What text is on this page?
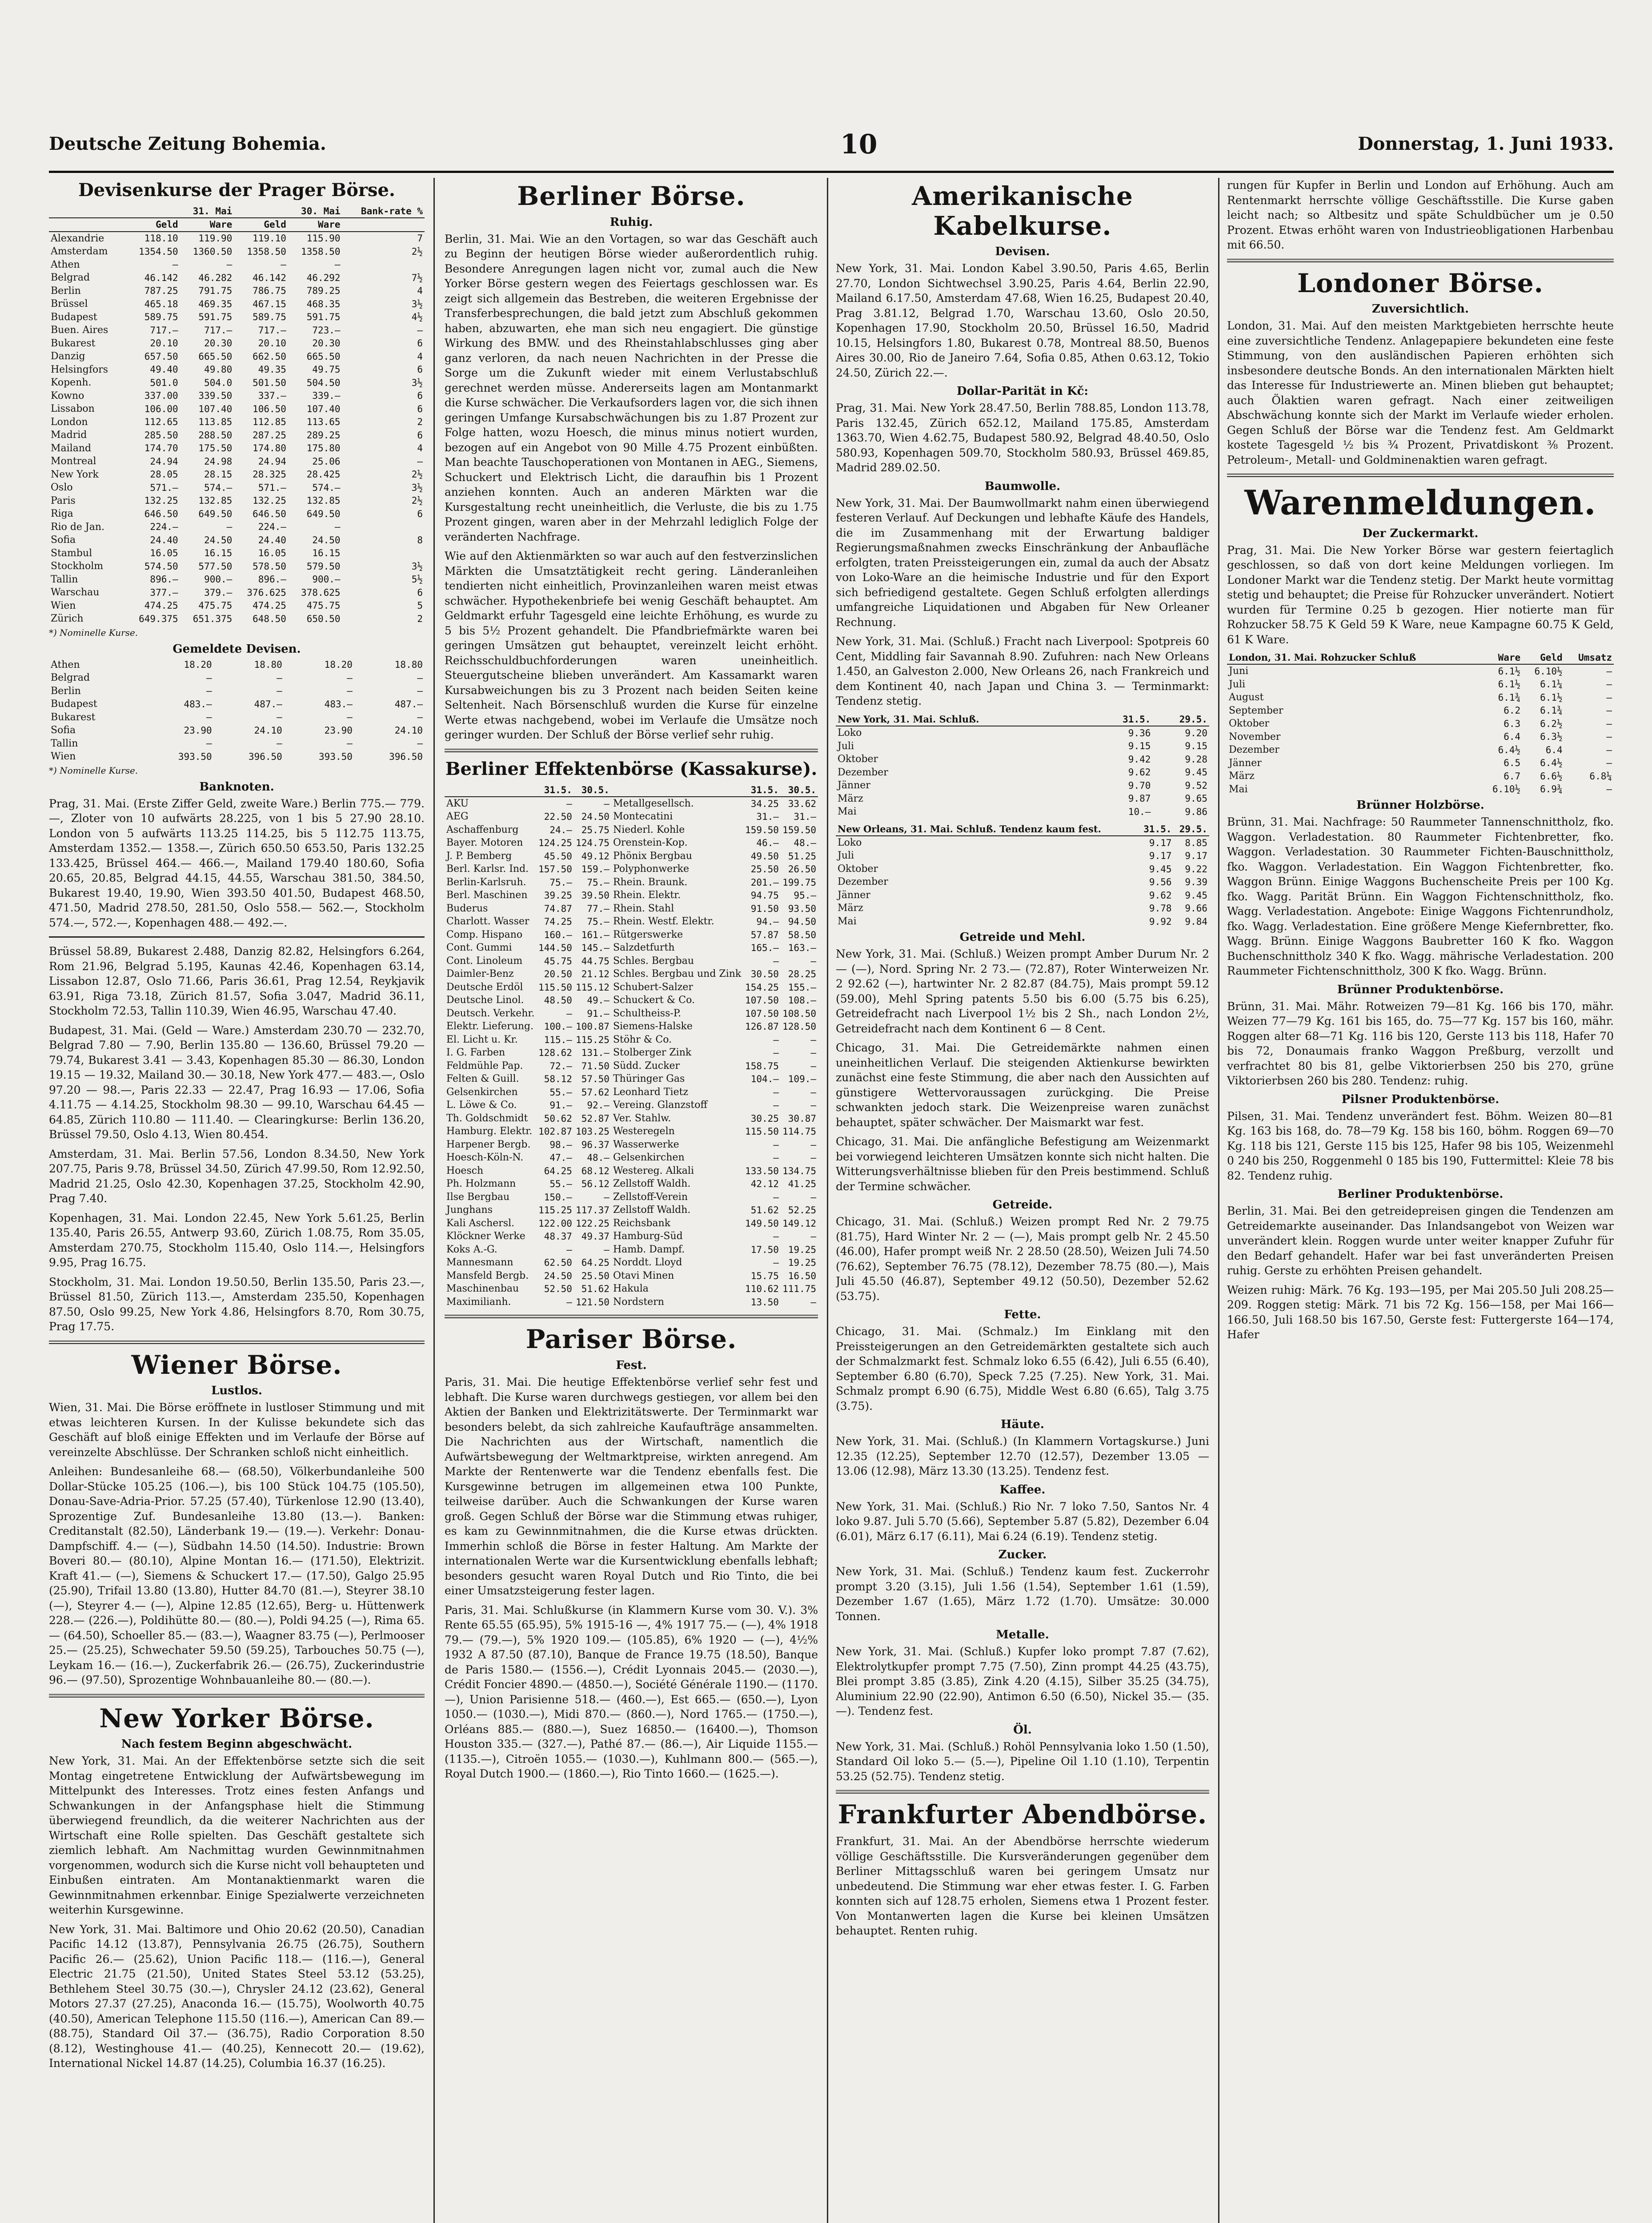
Deutsche Zeitung Bohemia.	10	Donnerstag, 1. Juni 1933.
Devisenkurse der Prager Börse.
	31. Mai		30. Mai		Bank-rate %
	Geld	Ware	Geld	Ware	
Alexandrie	118.10	119.90	119.10	115.90	7
Amsterdam	1354.50	1360.50	1358.50	1358.50	2½
Athen	—	—	—	—	
Belgrad	46.142	46.282	46.142	46.292	7½
Berlin	787.25	791.75	786.75	789.25	4
Brüssel	465.18	469.35	467.15	468.35	3½
Budapest	589.75	591.75	589.75	591.75	4½
Buen. Aires	717.—	717.—	717.—	723.—	—
Bukarest	20.10	20.30	20.10	20.30	6
Danzig	657.50	665.50	662.50	665.50	4
Helsingfors	49.40	49.80	49.35	49.75	6
Kopenh.	501.0	504.0	501.50	504.50	3½
Kowno	337.00	339.50	337.—	339.—	6
Lissabon	106.00	107.40	106.50	107.40	6
London	112.65	113.85	112.85	113.65	2
Madrid	285.50	288.50	287.25	289.25	6
Mailand	174.70	175.50	174.80	175.80	4
Montreal	24.94	24.98	24.94	25.06	—
New York	28.05	28.15	28.325	28.425	2½
Oslo	571.—	574.—	571.—	574.—	3½
Paris	132.25	132.85	132.25	132.85	2½
Riga	646.50	649.50	646.50	649.50	6
Rio de Jan.	224.—	—	224.—	—	
Sofia	24.40	24.50	24.40	24.50	8
Stambul	16.05	16.15	16.05	16.15	
Stockholm	574.50	577.50	578.50	579.50	3½
Tallin	896.—	900.—	896.—	900.—	5½
Warschau	377.—	379.—	376.625	378.625	6
Wien	474.25	475.75	474.25	475.75	5
Zürich	649.375	651.375	648.50	650.50	2
*) Nominelle Kurse.
Gemeldete Devisen.
Athen	18.20	18.80	18.20	18.80
Belgrad	—	—	—	—
Berlin	—	—	—	—
Budapest	483.—	487.—	483.—	487.—
Bukarest	—	—	—	—
Sofia	23.90	24.10	23.90	24.10
Tallin	—	—	—	—
Wien	393.50	396.50	393.50	396.50
*) Nominelle Kurse.
Banknoten.

Prag, 31. Mai. (Erste Ziffer Geld, zweite Ware.) Berlin 775.— 779.—, Zloter von 10 aufwärts 28.225, von 1 bis 5 27.90 28.10. London von 5 aufwärts 113.25 114.25, bis 5 112.75 113.75, Amsterdam 1352.— 1358.—, Zürich 650.50 653.50, Paris 132.25 133.425, Brüssel 464.— 466.—, Mailand 179.40 180.60, Sofia 20.65, 20.85, Belgrad 44.15, 44.55, Warschau 381.50, 384.50, Bukarest 19.40, 19.90, Wien 393.50 401.50, Budapest 468.50, 471.50, Madrid 278.50, 281.50, Oslo 558.— 562.—, Stockholm 574.—, 572.—, Kopenhagen 488.— 492.—.

Brüssel 58.89, Bukarest 2.488, Danzig 82.82, Helsingfors 6.264, Rom 21.96, Belgrad 5.195, Kaunas 42.46, Kopenhagen 63.14, Lissabon 12.87, Oslo 71.66, Paris 36.61, Prag 12.54, Reykjavik 63.91, Riga 73.18, Zürich 81.57, Sofia 3.047, Madrid 36.11, Stockholm 72.53, Tallin 110.39, Wien 46.95, Warschau 47.40.

Budapest, 31. Mai. (Geld — Ware.) Amsterdam 230.70 — 232.70, Belgrad 7.80 — 7.90, Berlin 135.80 — 136.60, Brüssel 79.20 — 79.74, Bukarest 3.41 — 3.43, Kopenhagen 85.30 — 86.30, London 19.15 — 19.32, Mailand 30.— 30.18, New York 477.— 483.—, Oslo 97.20 — 98.—, Paris 22.33 — 22.47, Prag 16.93 — 17.06, Sofia 4.11.75 — 4.14.25, Stockholm 98.30 — 99.10, Warschau 64.45 — 64.85, Zürich 110.80 — 111.40. — Clearingkurse: Berlin 136.20, Brüssel 79.50, Oslo 4.13, Wien 80.454.

Amsterdam, 31. Mai. Berlin 57.56, London 8.34.50, New York 207.75, Paris 9.78, Brüssel 34.50, Zürich 47.99.50, Rom 12.92.50, Madrid 21.25, Oslo 42.30, Kopenhagen 37.25, Stockholm 42.90, Prag 7.40.

Kopenhagen, 31. Mai. London 22.45, New York 5.61.25, Berlin 135.40, Paris 26.55, Antwerp 93.60, Zürich 1.08.75, Rom 35.05, Amsterdam 270.75, Stockholm 115.40, Oslo 114.—, Helsingfors 9.95, Prag 16.75.

Stockholm, 31. Mai. London 19.50.50, Berlin 135.50, Paris 23.—, Brüssel 81.50, Zürich 113.—, Amsterdam 235.50, Kopenhagen 87.50, Oslo 99.25, New York 4.86, Helsingfors 8.70, Rom 30.75, Prag 17.75.

Wiener Börse.
Lustlos.

Wien, 31. Mai. Die Börse eröffnete in lustloser Stimmung und mit etwas leichteren Kursen. In der Kulisse bekundete sich das Geschäft auf bloß einige Effekten und im Verlaufe der Börse auf vereinzelte Abschlüsse. Der Schranken schloß nicht einheitlich.

Anleihen: Bundesanleihe 68.— (68.50), Völkerbundanleihe 500 Dollar-Stücke 105.25 (106.—), bis 100 Stück 104.75 (105.50), Donau-Save-Adria-Prior. 57.25 (57.40), Türkenlose 12.90 (13.40), Sprozentige Zuf. Bundesanleihe 13.80 (13.—). Banken: Creditanstalt (82.50), Länderbank 19.— (19.—). Verkehr: Donau-Dampfschiff. 4.— (—), Südbahn 14.50 (14.50). Industrie: Brown Boveri 80.— (80.10), Alpine Montan 16.— (171.50), Elektrizit. Kraft 41.— (—), Siemens & Schuckert 17.— (17.50), Galgo 25.95 (25.90), Trifail 13.80 (13.80), Hutter 84.70 (81.—), Steyrer 38.10 (—), Steyrer 4.— (—), Alpine 12.85 (12.65), Berg- u. Hüttenwerk 228.— (226.—), Poldihütte 80.— (80.—), Poldi 94.25 (—), Rima 65.— (64.50), Schoeller 85.— (83.—), Waagner 83.75 (—), Perlmooser 25.— (25.25), Schwechater 59.50 (59.25), Tarbouches 50.75 (—), Leykam 16.— (16.—), Zuckerfabrik 26.— (26.75), Zuckerindustrie 96.— (97.50), Sprozentige Wohnbauanleihe 80.— (80.—).

New Yorker Börse.
Nach festem Beginn abgeschwächt.

New York, 31. Mai. An der Effektenbörse setzte sich die seit Montag eingetretene Entwicklung der Aufwärtsbewegung im Mittelpunkt des Interesses. Trotz eines festen Anfangs und Schwankungen in der Anfangsphase hielt die Stimmung überwiegend freundlich, da die weiterer Nachrichten aus der Wirtschaft eine Rolle spielten. Das Geschäft gestaltete sich ziemlich lebhaft. Am Nachmittag wurden Gewinnmitnahmen vorgenommen, wodurch sich die Kurse nicht voll behaupteten und Einbußen eintraten. Am Montanaktienmarkt waren die Gewinnmitnahmen erkennbar. Einige Spezialwerte verzeichneten weiterhin Kursgewinne.

New York, 31. Mai. Baltimore und Ohio 20.62 (20.50), Canadian Pacific 14.12 (13.87), Pennsylvania 26.75 (26.75), Southern Pacific 26.— (25.62), Union Pacific 118.— (116.—), General Electric 21.75 (21.50), United States Steel 53.12 (53.25), Bethlehem Steel 30.75 (30.—), Chrysler 24.12 (23.62), General Motors 27.37 (27.25), Anaconda 16.— (15.75), Woolworth 40.75 (40.50), American Telephone 115.50 (116.—), American Can 89.— (88.75), Standard Oil 37.— (36.75), Radio Corporation 8.50 (8.12), Westinghouse 41.— (40.25), Kennecott 20.— (19.62), International Nickel 14.87 (14.25), Columbia 16.37 (16.25).

Berliner Börse.
Ruhig.

Berlin, 31. Mai. Wie an den Vortagen, so war das Geschäft auch zu Beginn der heutigen Börse wieder außerordentlich ruhig. Besondere Anregungen lagen nicht vor, zumal auch die New Yorker Börse gestern wegen des Feiertags geschlossen war. Es zeigt sich allgemein das Bestreben, die weiteren Ergebnisse der Transferbesprechungen, die bald jetzt zum Abschluß gekommen haben, abzuwarten, ehe man sich neu engagiert. Die günstige Wirkung des BMW. und des Rheinstahlabschlusses ging aber ganz verloren, da nach neuen Nachrichten in der Presse die Sorge um die Zukunft wieder mit einem Verlustabschluß gerechnet werden müsse. Andererseits lagen am Montanmarkt die Kurse schwächer. Die Verkaufsorders lagen vor, die sich ihnen geringen Umfange Kursabschwächungen bis zu 1.87 Prozent zur Folge hatten, wozu Hoesch, die minus minus notiert wurden, bezogen auf ein Angebot von 90 Mille 4.75 Prozent einbüßten. Man beachte Tauschoperationen von Montanen in AEG., Siemens, Schuckert und Elektrisch Licht, die daraufhin bis 1 Prozent anziehen konnten. Auch an anderen Märkten war die Kursgestaltung recht uneinheitlich, die Verluste, die bis zu 1.75 Prozent gingen, waren aber in der Mehrzahl lediglich Folge der veränderten Nachfrage.

Wie auf den Aktienmärkten so war auch auf den festverzinslichen Märkten die Umsatztätigkeit recht gering. Länderanleihen tendierten nicht einheitlich, Provinzanleihen waren meist etwas schwächer. Hypothekenbriefe bei wenig Geschäft behauptet. Am Geldmarkt erfuhr Tagesgeld eine leichte Erhöhung, es wurde zu 5 bis 5½ Prozent gehandelt. Die Pfandbriefmärkte waren bei geringen Umsätzen gut behauptet, vereinzelt leicht erhöht. Reichsschuldbuchforderungen waren uneinheitlich. Steuergutscheine blieben unverändert. Am Kassamarkt waren Kursabweichungen bis zu 3 Prozent nach beiden Seiten keine Seltenheit. Nach Börsenschluß wurden die Kurse für einzelne Werte etwas nachgebend, wobei im Verlaufe die Umsätze noch geringer wurden. Der Schluß der Börse verlief sehr ruhig.

Berliner Effektenbörse (Kassakurse).
	31.5.	30.5.		31.5.	30.5.
AKU	—	—	Metallgesellsch.	34.25	33.62
AEG	22.50	24.50	Montecatini	31.—	31.—
Aschaffenburg	24.—	25.75	Niederl. Kohle	159.50	159.50
Bayer. Motoren	124.25	124.75	Orenstein-Kop.	46.—	48.—
J. P. Bemberg	45.50	49.12	Phönix Bergbau	49.50	51.25
Berl. Karlsr. Ind.	157.50	159.—	Polyphonwerke	25.50	26.50
Berlin-Karlsruh.	75.—	75.—	Rhein. Braunk.	201.—	199.75
Berl. Maschinen	39.25	39.50	Rhein. Elektr.	94.75	95.—
Buderus	74.87	77.—	Rhein. Stahl	91.50	93.50
Charlott. Wasser	74.25	75.—	Rhein. Westf. Elektr.	94.—	94.50
Comp. Hispano	160.—	161.—	Rütgerswerke	57.87	58.50
Cont. Gummi	144.50	145.—	Salzdetfurth	165.—	163.—
Cont. Linoleum	45.75	44.75	Schles. Bergbau	—	—
Daimler-Benz	20.50	21.12	Schles. Bergbau und Zink	30.50	28.25
Deutsche Erdöl	115.50	115.12	Schubert-Salzer	154.25	155.—
Deutsche Linol.	48.50	49.—	Schuckert & Co.	107.50	108.—
Deutsch. Verkehr.	—	91.—	Schultheiss-P.	107.50	108.50
Elektr. Lieferung.	100.—	100.87	Siemens-Halske	126.87	128.50
El. Licht u. Kr.	115.—	115.25	Stöhr & Co.	—	—
I. G. Farben	128.62	131.—	Stolberger Zink	—	—
Feldmühle Pap.	72.—	71.50	Südd. Zucker	158.75	—
Felten & Guill.	58.12	57.50	Thüringer Gas	104.—	109.—
Gelsenkirchen	55.—	57.62	Leonhard Tietz	—	—
L. Löwe & Co.	91.—	92.—	Vereing. Glanzstoff	—	—
Th. Goldschmidt	50.62	52.87	Ver. Stahlw.	30.25	30.87
Hamburg. Elektr.	102.87	103.25	Westeregeln	115.50	114.75
Harpener Bergb.	98.—	96.37	Wasserwerke	—	—
Hoesch-Köln-N.	47.—	48.—	Gelsenkirchen	—	—
Hoesch	64.25	68.12	Westereg. Alkali	133.50	134.75
Ph. Holzmann	55.—	56.12	Zellstoff Waldh.	42.12	41.25
Ilse Bergbau	150.—	—	Zellstoff-Verein	—	—
Junghans	115.25	117.37	Zellstoff Waldh.	51.62	52.25
Kali Aschersl.	122.00	122.25	Reichsbank	149.50	149.12
Klöckner Werke	48.37	49.37	Hamburg-Süd	—	—
Koks A.-G.	—	—	Hamb. Dampf.	17.50	19.25
Mannesmann	62.50	64.25	Norddt. Lloyd	—	19.25
Mansfeld Bergb.	24.50	25.50	Otavi Minen	15.75	16.50
Maschinenbau	52.50	51.62	Hakula	110.62	111.75
Maximilianh.	—	121.50	Nordstern	13.50	—
Pariser Börse.
Fest.

Paris, 31. Mai. Die heutige Effektenbörse verlief sehr fest und lebhaft. Die Kurse waren durchwegs gestiegen, vor allem bei den Aktien der Banken und Elektrizitätswerte. Der Terminmarkt war besonders belebt, da sich zahlreiche Kaufaufträge ansammelten. Die Nachrichten aus der Wirtschaft, namentlich die Aufwärtsbewegung der Weltmarktpreise, wirkten anregend. Am Markte der Rentenwerte war die Tendenz ebenfalls fest. Die Kursgewinne betrugen im allgemeinen etwa 100 Punkte, teilweise darüber. Auch die Schwankungen der Kurse waren groß. Gegen Schluß der Börse war die Stimmung etwas ruhiger, es kam zu Gewinnmitnahmen, die die Kurse etwas drückten. Immerhin schloß die Börse in fester Haltung. Am Markte der internationalen Werte war die Kursentwicklung ebenfalls lebhaft; besonders gesucht waren Royal Dutch und Rio Tinto, die bei einer Umsatzsteigerung fester lagen.

Paris, 31. Mai. Schlußkurse (in Klammern Kurse vom 30. V.). 3% Rente 65.55 (65.95), 5% 1915-16 —, 4% 1917 75.— (—), 4% 1918 79.— (79.—), 5% 1920 109.— (105.85), 6% 1920 — (—), 4½% 1932 A 87.50 (87.10), Banque de France 19.75 (18.50), Banque de Paris 1580.— (1556.—), Crédit Lyonnais 2045.— (2030.—), Crédit Foncier 4890.— (4850.—), Société Générale 1190.— (1170.—), Union Parisienne 518.— (460.—), Est 665.— (650.—), Lyon 1050.— (1030.—), Midi 870.— (860.—), Nord 1765.— (1750.—), Orléans 885.— (880.—), Suez 16850.— (16400.—), Thomson Houston 335.— (327.—), Pathé 87.— (86.—), Air Liquide 1155.— (1135.—), Citroën 1055.— (1030.—), Kuhlmann 800.— (565.—), Royal Dutch 1900.— (1860.—), Rio Tinto 1660.— (1625.—).

Amerikanische Kabelkurse.
Devisen.

New York, 31. Mai. London Kabel 3.90.50, Paris 4.65, Berlin 27.70, London Sichtwechsel 3.90.25, Paris 4.64, Berlin 22.90, Mailand 6.17.50, Amsterdam 47.68, Wien 16.25, Budapest 20.40, Prag 3.81.12, Belgrad 1.70, Warschau 13.60, Oslo 20.50, Kopenhagen 17.90, Stockholm 20.50, Brüssel 16.50, Madrid 10.15, Helsingfors 1.80, Bukarest 0.78, Montreal 88.50, Buenos Aires 30.00, Rio de Janeiro 7.64, Sofia 0.85, Athen 0.63.12, Tokio 24.50, Zürich 22.—.

Dollar-Parität in Kč:

Prag, 31. Mai. New York 28.47.50, Berlin 788.85, London 113.78, Paris 132.45, Zürich 652.12, Mailand 175.85, Amsterdam 1363.70, Wien 4.62.75, Budapest 580.92, Belgrad 48.40.50, Oslo 580.93, Kopenhagen 509.70, Stockholm 580.93, Brüssel 469.85, Madrid 289.02.50.

Baumwolle.

New York, 31. Mai. Der Baumwollmarkt nahm einen überwiegend festeren Verlauf. Auf Deckungen und lebhafte Käufe des Handels, die im Zusammenhang mit der Erwartung baldiger Regierungsmaßnahmen zwecks Einschränkung der Anbaufläche erfolgten, traten Preissteigerungen ein, zumal da auch der Absatz von Loko-Ware an die heimische Industrie und für den Export sich befriedigend gestaltete. Gegen Schluß erfolgten allerdings umfangreiche Liquidationen und Abgaben für New Orleaner Rechnung.

New York, 31. Mai. (Schluß.) Fracht nach Liverpool: Spotpreis 60 Cent, Middling fair Savannah 8.90. Zufuhren: nach New Orleans 1.450, an Galveston 2.000, New Orleans 26, nach Frankreich und dem Kontinent 40, nach Japan und China 3. — Terminmarkt: Tendenz stetig.

New York, 31. Mai. Schluß.	31.5.	29.5.
Loko	9.36	9.20
Juli	9.15	9.15
Oktober	9.42	9.28
Dezember	9.62	9.45
Jänner	9.70	9.52
März	9.87	9.65
Mai	10.—	9.86
New Orleans, 31. Mai. Schluß. Tendenz kaum fest.	31.5.	29.5.
Loko	9.17	8.85
Juli	9.17	9.17
Oktober	9.45	9.22
Dezember	9.56	9.39
Jänner	9.62	9.45
März	9.78	9.66
Mai	9.92	9.84
Getreide und Mehl.

New York, 31. Mai. (Schluß.) Weizen prompt Amber Durum Nr. 2 — (—), Nord. Spring Nr. 2 73.— (72.87), Roter Winterweizen Nr. 2 92.62 (—), hartwinter Nr. 2 82.87 (84.75), Mais prompt 59.12 (59.00), Mehl Spring patents 5.50 bis 6.00 (5.75 bis 6.25), Getreidefracht nach Liverpool 1½ bis 2 Sh., nach London 2½, Getreidefracht nach dem Kontinent 6 — 8 Cent.

Chicago, 31. Mai. Die Getreidemärkte nahmen einen uneinheitlichen Verlauf. Die steigenden Aktienkurse bewirkten zunächst eine feste Stimmung, die aber nach den Aussichten auf günstigere Wettervoraussagen zurückging. Die Preise schwankten jedoch stark. Die Weizenpreise waren zunächst behauptet, später schwächer. Der Maismarkt war fest.

Chicago, 31. Mai. Die anfängliche Befestigung am Weizenmarkt bei vorwiegend leichteren Umsätzen konnte sich nicht halten. Die Witterungsverhältnisse blieben für den Preis bestimmend. Schluß der Termine schwächer.

Getreide.

Chicago, 31. Mai. (Schluß.) Weizen prompt Red Nr. 2 79.75 (81.75), Hard Winter Nr. 2 — (—), Mais prompt gelb Nr. 2 45.50 (46.00), Hafer prompt weiß Nr. 2 28.50 (28.50), Weizen Juli 74.50 (76.62), September 76.75 (78.12), Dezember 78.75 (80.—), Mais Juli 45.50 (46.87), September 49.12 (50.50), Dezember 52.62 (53.75).

Fette.

Chicago, 31. Mai. (Schmalz.) Im Einklang mit den Preissteigerungen an den Getreidemärkten gestaltete sich auch der Schmalzmarkt fest. Schmalz loko 6.55 (6.42), Juli 6.55 (6.40), September 6.80 (6.70), Speck 7.25 (7.25). New York, 31. Mai. Schmalz prompt 6.90 (6.75), Middle West 6.80 (6.65), Talg 3.75 (3.75).

Häute.

New York, 31. Mai. (Schluß.) (In Klammern Vortagskurse.) Juni 12.35 (12.25), September 12.70 (12.57), Dezember 13.05 — 13.06 (12.98), März 13.30 (13.25). Tendenz fest.

Kaffee.

New York, 31. Mai. (Schluß.) Rio Nr. 7 loko 7.50, Santos Nr. 4 loko 9.87. Juli 5.70 (5.66), September 5.87 (5.82), Dezember 6.04 (6.01), März 6.17 (6.11), Mai 6.24 (6.19). Tendenz stetig.

Zucker.

New York, 31. Mai. (Schluß.) Tendenz kaum fest. Zuckerrohr prompt 3.20 (3.15), Juli 1.56 (1.54), September 1.61 (1.59), Dezember 1.67 (1.65), März 1.72 (1.70). Umsätze: 30.000 Tonnen.

Metalle.

New York, 31. Mai. (Schluß.) Kupfer loko prompt 7.87 (7.62), Elektrolytkupfer prompt 7.75 (7.50), Zinn prompt 44.25 (43.75), Blei prompt 3.85 (3.85), Zink 4.20 (4.15), Silber 35.25 (34.75), Aluminium 22.90 (22.90), Antimon 6.50 (6.50), Nickel 35.— (35.—). Tendenz fest.

Öl.

New York, 31. Mai. (Schluß.) Rohöl Pennsylvania loko 1.50 (1.50), Standard Oil loko 5.— (5.—), Pipeline Oil 1.10 (1.10), Terpentin 53.25 (52.75). Tendenz stetig.

Frankfurter Abendbörse.

Frankfurt, 31. Mai. An der Abendbörse herrschte wiederum völlige Geschäftsstille. Die Kursveränderungen gegenüber dem Berliner Mittagsschluß waren bei geringem Umsatz nur unbedeutend. Die Stimmung war eher etwas fester. I. G. Farben konnten sich auf 128.75 erholen, Siemens etwa 1 Prozent fester. Von Montanwerten lagen die Kurse bei kleinen Umsätzen behauptet. Renten ruhig.

rungen für Kupfer in Berlin und London auf Erhöhung. Auch am Rentenmarkt herrschte völlige Geschäftsstille. Die Kurse gaben leicht nach; so Altbesitz und späte Schuldbücher um je 0.50 Prozent. Etwas erhöht waren von Industrieobligationen Harbenbau mit 66.50.

Londoner Börse.
Zuversichtlich.

London, 31. Mai. Auf den meisten Marktgebieten herrschte heute eine zuversichtliche Tendenz. Anlagepapiere bekundeten eine feste Stimmung, von den ausländischen Papieren erhöhten sich insbesondere deutsche Bonds. An den internationalen Märkten hielt das Interesse für Industriewerte an. Minen blieben gut behauptet; auch Ölaktien waren gefragt. Nach einer zeitweiligen Abschwächung konnte sich der Markt im Verlaufe wieder erholen. Gegen Schluß der Börse war die Tendenz fest. Am Geldmarkt kostete Tagesgeld ½ bis ¾ Prozent, Privatdiskont ⅜ Prozent. Petroleum-, Metall- und Goldminenaktien waren gefragt.

Warenmeldungen.
Der Zuckermarkt.

Prag, 31. Mai. Die New Yorker Börse war gestern feiertaglich geschlossen, so daß von dort keine Meldungen vorliegen. Im Londoner Markt war die Tendenz stetig. Der Markt heute vormittag stetig und behauptet; die Preise für Rohzucker unverändert. Notiert wurden für Termine 0.25 b gezogen. Hier notierte man für Rohzucker 58.75 K Geld 59 K Ware, neue Kampagne 60.75 K Geld, 61 K Ware.

London, 31. Mai. Rohzucker Schluß	Ware	Geld	Umsatz
Juni	6.1½	6.10½	—
Juli	6.1½	6.1¼	—
August	6.1¾	6.1½	—
September	6.2	6.1¾	—
Oktober	6.3	6.2½	—
November	6.4	6.3½	—
Dezember	6.4½	6.4	—
Jänner	6.5	6.4½	—
März	6.7	6.6½	6.8¼
Mai	6.10½	6.9¾	—
Brünner Holzbörse.

Brünn, 31. Mai. Nachfrage: 50 Raummeter Tannenschnittholz, fko. Waggon. Verladestation. 80 Raummeter Fichtenbretter, fko. Waggon. Verladestation. 30 Raummeter Fichten-Bauschnittholz, fko. Waggon. Verladestation. Ein Waggon Fichtenbretter, fko. Waggon Brünn. Einige Waggons Buchenscheite Preis per 100 Kg. fko. Wagg. Parität Brünn. Ein Waggon Fichtenschnittholz, fko. Wagg. Verladestation. Angebote: Einige Waggons Fichtenrundholz, fko. Wagg. Verladestation. Eine größere Menge Kiefernbretter, fko. Wagg. Brünn. Einige Waggons Baubretter 160 K fko. Waggon Buchenschnittholz 340 K fko. Wagg. mährische Verladestation. 200 Raummeter Fichtenschnittholz, 300 K fko. Wagg. Brünn.

Brünner Produktenbörse.

Brünn, 31. Mai. Mähr. Rotweizen 79—81 Kg. 166 bis 170, mähr. Weizen 77—79 Kg. 161 bis 165, do. 75—77 Kg. 157 bis 160, mähr. Roggen alter 68—71 Kg. 116 bis 120, Gerste 113 bis 118, Hafer 70 bis 72, Donaumais franko Waggon Preßburg, verzollt und verfrachtet 80 bis 81, gelbe Viktorierbsen 250 bis 270, grüne Viktorierbsen 260 bis 280. Tendenz: ruhig.

Pilsner Produktenbörse.

Pilsen, 31. Mai. Tendenz unverändert fest. Böhm. Weizen 80—81 Kg. 163 bis 168, do. 78—79 Kg. 158 bis 160, böhm. Roggen 69—70 Kg. 118 bis 121, Gerste 115 bis 125, Hafer 98 bis 105, Weizenmehl 0 240 bis 250, Roggenmehl 0 185 bis 190, Futtermittel: Kleie 78 bis 82. Tendenz ruhig.

Berliner Produktenbörse.

Berlin, 31. Mai. Bei den getreidepreisen gingen die Tendenzen am Getreidemarkte auseinander. Das Inlandsangebot von Weizen war unverändert klein. Roggen wurde unter weiter knapper Zufuhr für den Bedarf gehandelt. Hafer war bei fast unveränderten Preisen ruhig. Gerste zu erhöhten Preisen gehandelt.

Weizen ruhig: Märk. 76 Kg. 193—195, per Mai 205.50 Juli 208.25—209. Roggen stetig: Märk. 71 bis 72 Kg. 156—158, per Mai 166—166.50, Juli 168.50 bis 167.50, Gerste fest: Futtergerste 164—174, Hafer
